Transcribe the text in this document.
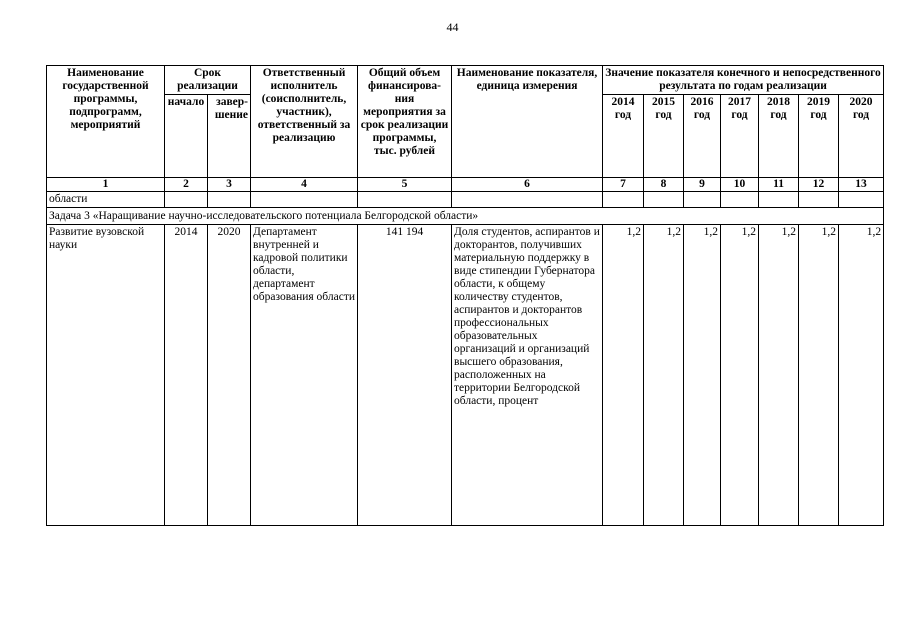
44
Наименование государственной программы, подпрограмм, мероприятий	Срок реализации		Ответственный исполнитель (соисполнитель, участник), ответственный за реализацию	Общий объем финансирова- ния мероприятия за срок реализации программы, тыс. рублей	Наименование показателя, единица измерения	Значение показателя конечного и непосредственного результата по годам реализации						
	начало	завер- шение				2014 год	2015 год	2016 год	2017 год	2018 год	2019 год	2020 год
1	2	3	4	5	6	7	8	9	10	11	12	13
области												
Задача 3 «Наращивание научно-исследовательского потенциала Белгородской области»												
Развитие вузовской науки	2014	2020	Департамент внутренней и кадровой политики области, департамент образования области	141 194	Доля студентов, аспирантов и докторантов, получивших материальную поддержку в виде стипендии Губернатора области, к общему количеству студентов, аспирантов и докторантов профессиональных образовательных организаций и организаций высшего образования, расположенных на территории Белгородской области, процент	1,2	1,2	1,2	1,2	1,2	1,2	1,2
